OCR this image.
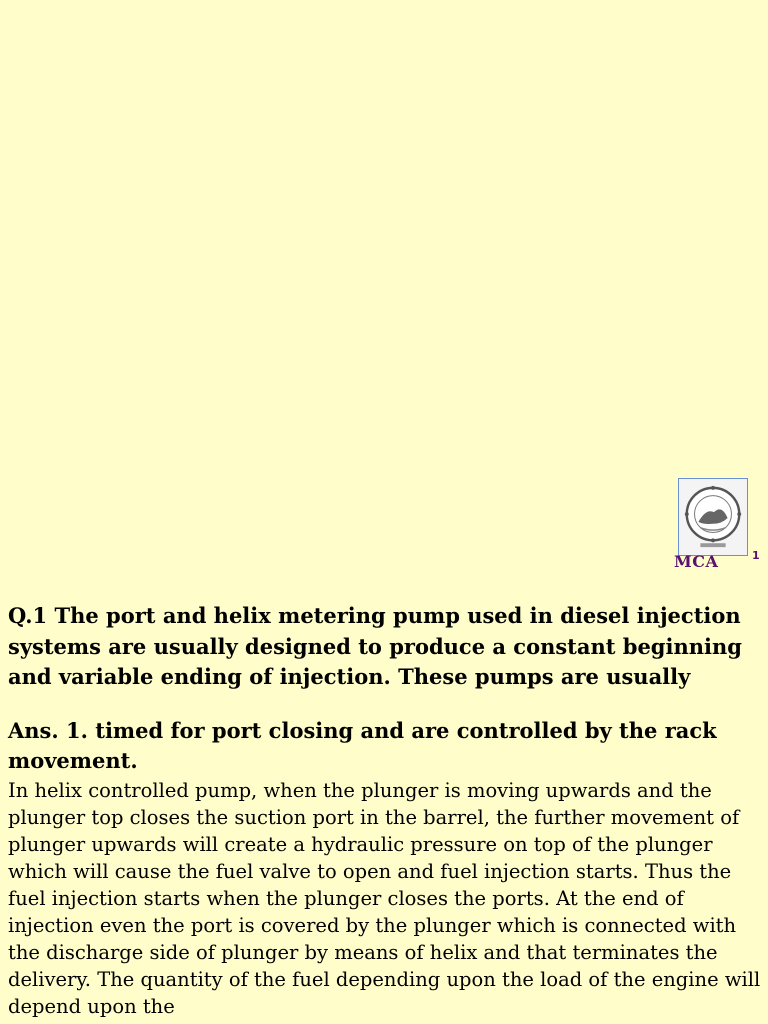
MCA	1

Q.1 The port and helix metering pump used in diesel injection systems are usually designed to produce a constant beginning and variable ending of injection. These pumps are usually

Ans. 1. timed for port closing and are controlled by the rack movement.

In helix controlled pump, when the plunger is moving upwards and the plunger top closes the suction port in the barrel, the further movement of plunger upwards will create a hydraulic pressure on top of the plunger which will cause the fuel valve to open and fuel injection starts. Thus the fuel injection starts when the plunger closes the ports. At the end of injection even the port is covered by the plunger which is connected with the discharge side of plunger by means of helix and that terminates the delivery. The quantity of the fuel depending upon the load of the engine will depend upon the
